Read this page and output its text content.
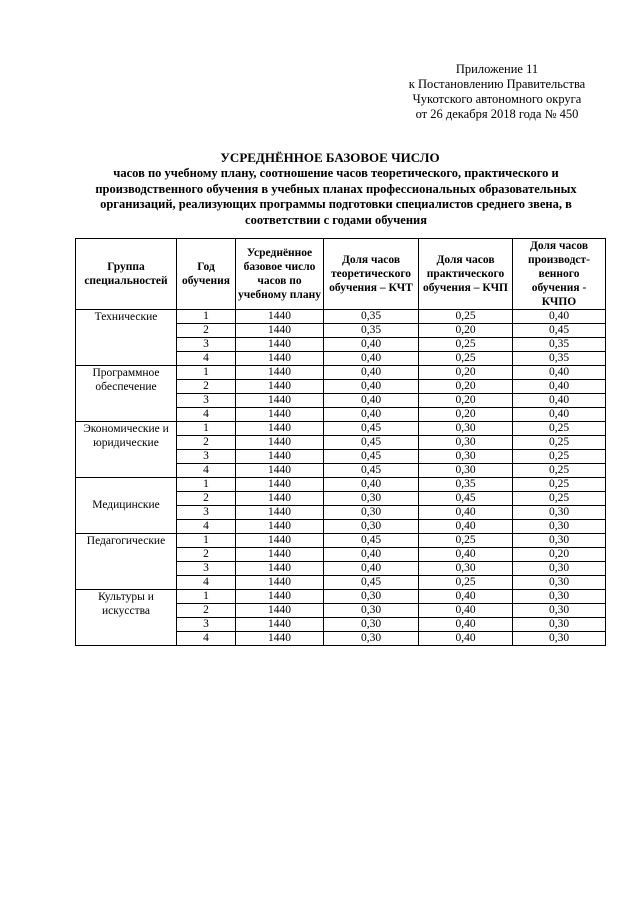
Приложение 11
к Постановлению Правительства
Чукотского автономного округа
от 26 декабря 2018 года № 450
УСРЕДНЁННОЕ БАЗОВОЕ ЧИСЛО
часов по учебному плану, соотношение часов теоретического, практического и производственного обучения в учебных планах профессиональных образовательных организаций, реализующих программы подготовки специалистов среднего звена, в соответствии с годами обучения
Группа специальностей	Год обучения	Усреднённое базовое число часов по учебному плану	Доля часов теоретического обучения – КЧТ	Доля часов практического обучения – КЧП	Доля часов производст-венного обучения - КЧПО
Технические	1	1440	0,35	0,25	0,40
	2	1440	0,35	0,20	0,45
	3	1440	0,40	0,25	0,35
	4	1440	0,40	0,25	0,35
Программное обеспечение	1	1440	0,40	0,20	0,40
	2	1440	0,40	0,20	0,40
	3	1440	0,40	0,20	0,40
	4	1440	0,40	0,20	0,40
Экономические и юридические	1	1440	0,45	0,30	0,25
	2	1440	0,45	0,30	0,25
	3	1440	0,45	0,30	0,25
	4	1440	0,45	0,30	0,25
Медицинские	1	1440	0,40	0,35	0,25
	2	1440	0,30	0,45	0,25
	3	1440	0,30	0,40	0,30
	4	1440	0,30	0,40	0,30
Педагогические	1	1440	0,45	0,25	0,30
	2	1440	0,40	0,40	0,20
	3	1440	0,40	0,30	0,30
	4	1440	0,45	0,25	0,30
Культуры и искусства	1	1440	0,30	0,40	0,30
	2	1440	0,30	0,40	0,30
	3	1440	0,30	0,40	0,30
	4	1440	0,30	0,40	0,30
